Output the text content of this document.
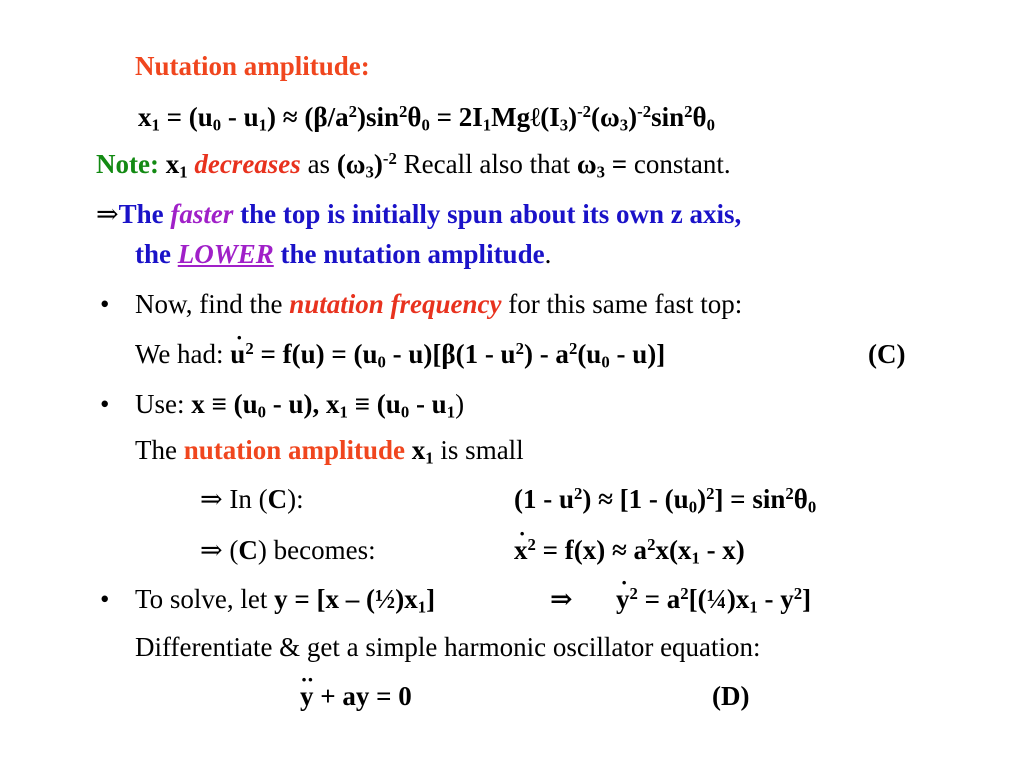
Nutation amplitude:
$x_1 = (u_0 - u_1) \approx (\beta/a^2)\sin^2\theta_0$ = $2I_1Mg\ell(I_3)^{-2}(\omega_3)^{-2}\sin^2\theta_0$
Note: $x_1$ decreases as $(\omega_3)^{-2}$ Recall also that $\omega_3$ = constant.
⇒The faster the top is initially spun about its own z axis,
the LOWER the nutation amplitude.
• Now, find the nutation frequency for this same fast top:
We had: · $u^2 = f(u) = (u_0 - u)[\beta(1 - u^2) - a^2(u_0 - u)]$	(C)
• Use: $x \equiv (u_0 - u)$, $x_1 \equiv (u_0 - u_1)$
The nutation amplitude $x_1$ is small
⇒ In (C):	$(1 - u^2) \approx [1 - (u_0)^2] = \sin^2\theta_0$
⇒ (C) becomes:	· $x^2 = f(x) \approx a^2x(x_1 - x)$
• To solve, let $y = [x - (\frac{1}{2})x_1]$	⇒ · $y^2$ = $a^2[(\frac{1}{4})x_1 - y^2]$
Differentiate & get a simple harmonic oscillator equation:
·· y + ay = 0	(D)
